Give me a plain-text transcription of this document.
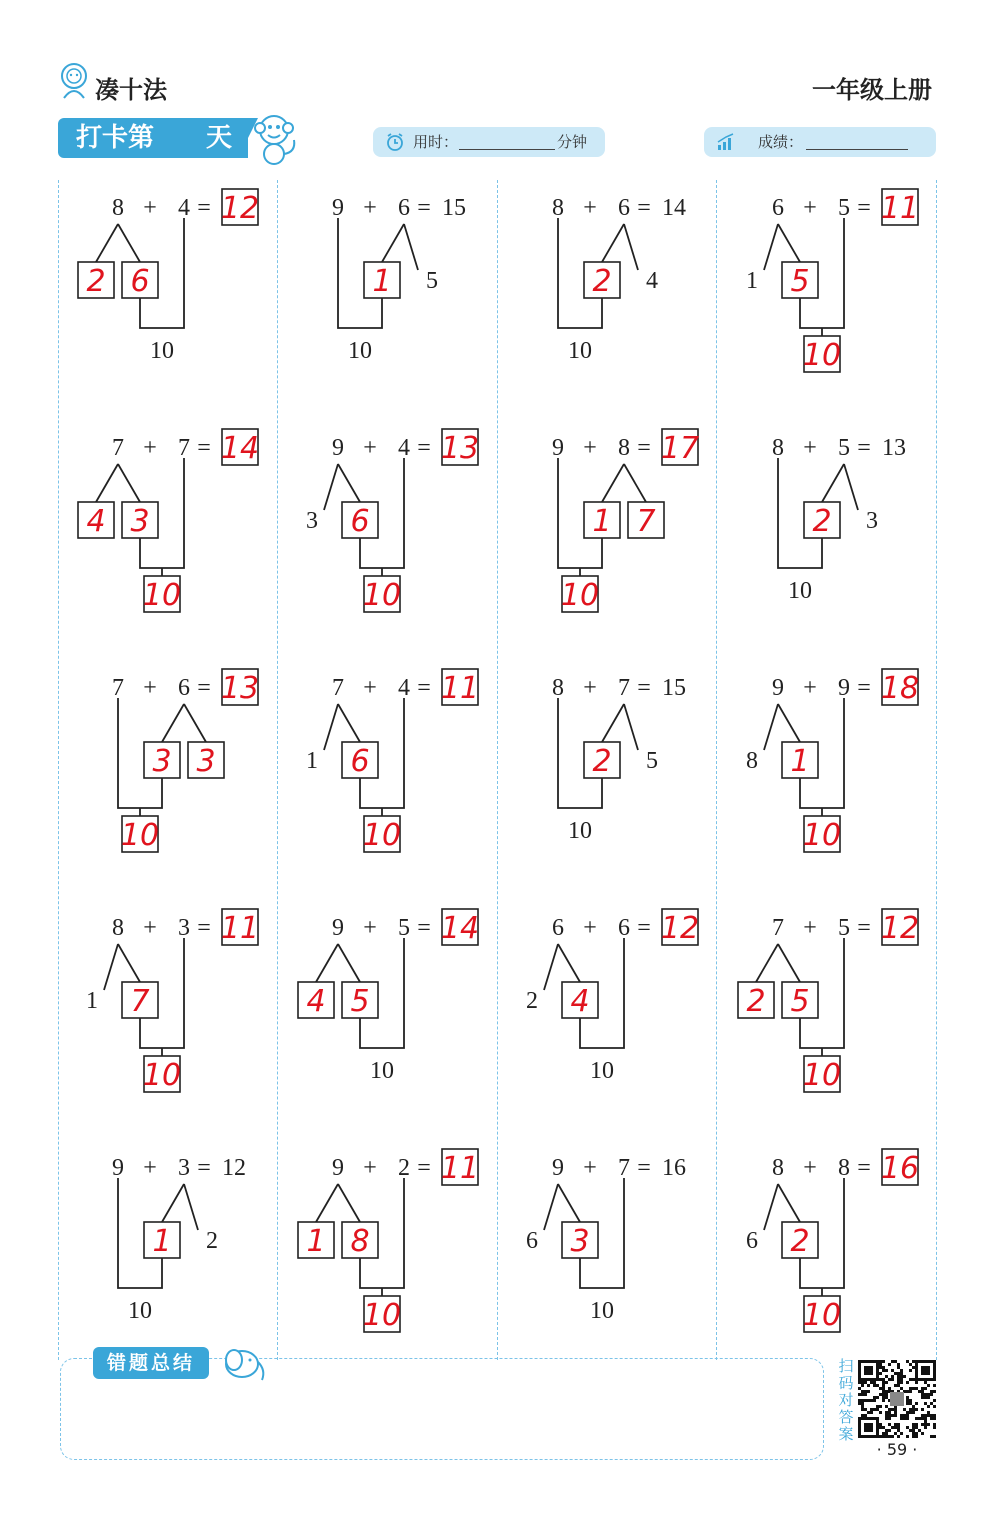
凑十法	一年级上册
打卡第 天	用时：	分钟	成绩：
8 + 4 = 12
2 6
10
9 + 6 = 15
1 5
10
8 + 6 = 14
2 4
10
6 + 5 = 11
1 5
10
7 + 7 = 14
4 3
10
9 + 4 = 13
3 6
10
9 + 8 = 17
1 7
10
8 + 5 = 13
2 3
10
7 + 6 = 13
3 3
10
7 + 4 = 11
1 6
10
8 + 7 = 15
2 5
10
9 + 9 = 18
8 1
10
8 + 3 = 11
1 7
10
9 + 5 = 14
4 5
10
6 + 6 = 12
2 4
10
7 + 5 = 12
2 5
10
9 + 3 = 12
1 2
10
9 + 2 = 11
1 8
10
9 + 7 = 16
6 3
10
8 + 8 = 16
6 2
10
错题总结	扫码对答案
· 59 ·
